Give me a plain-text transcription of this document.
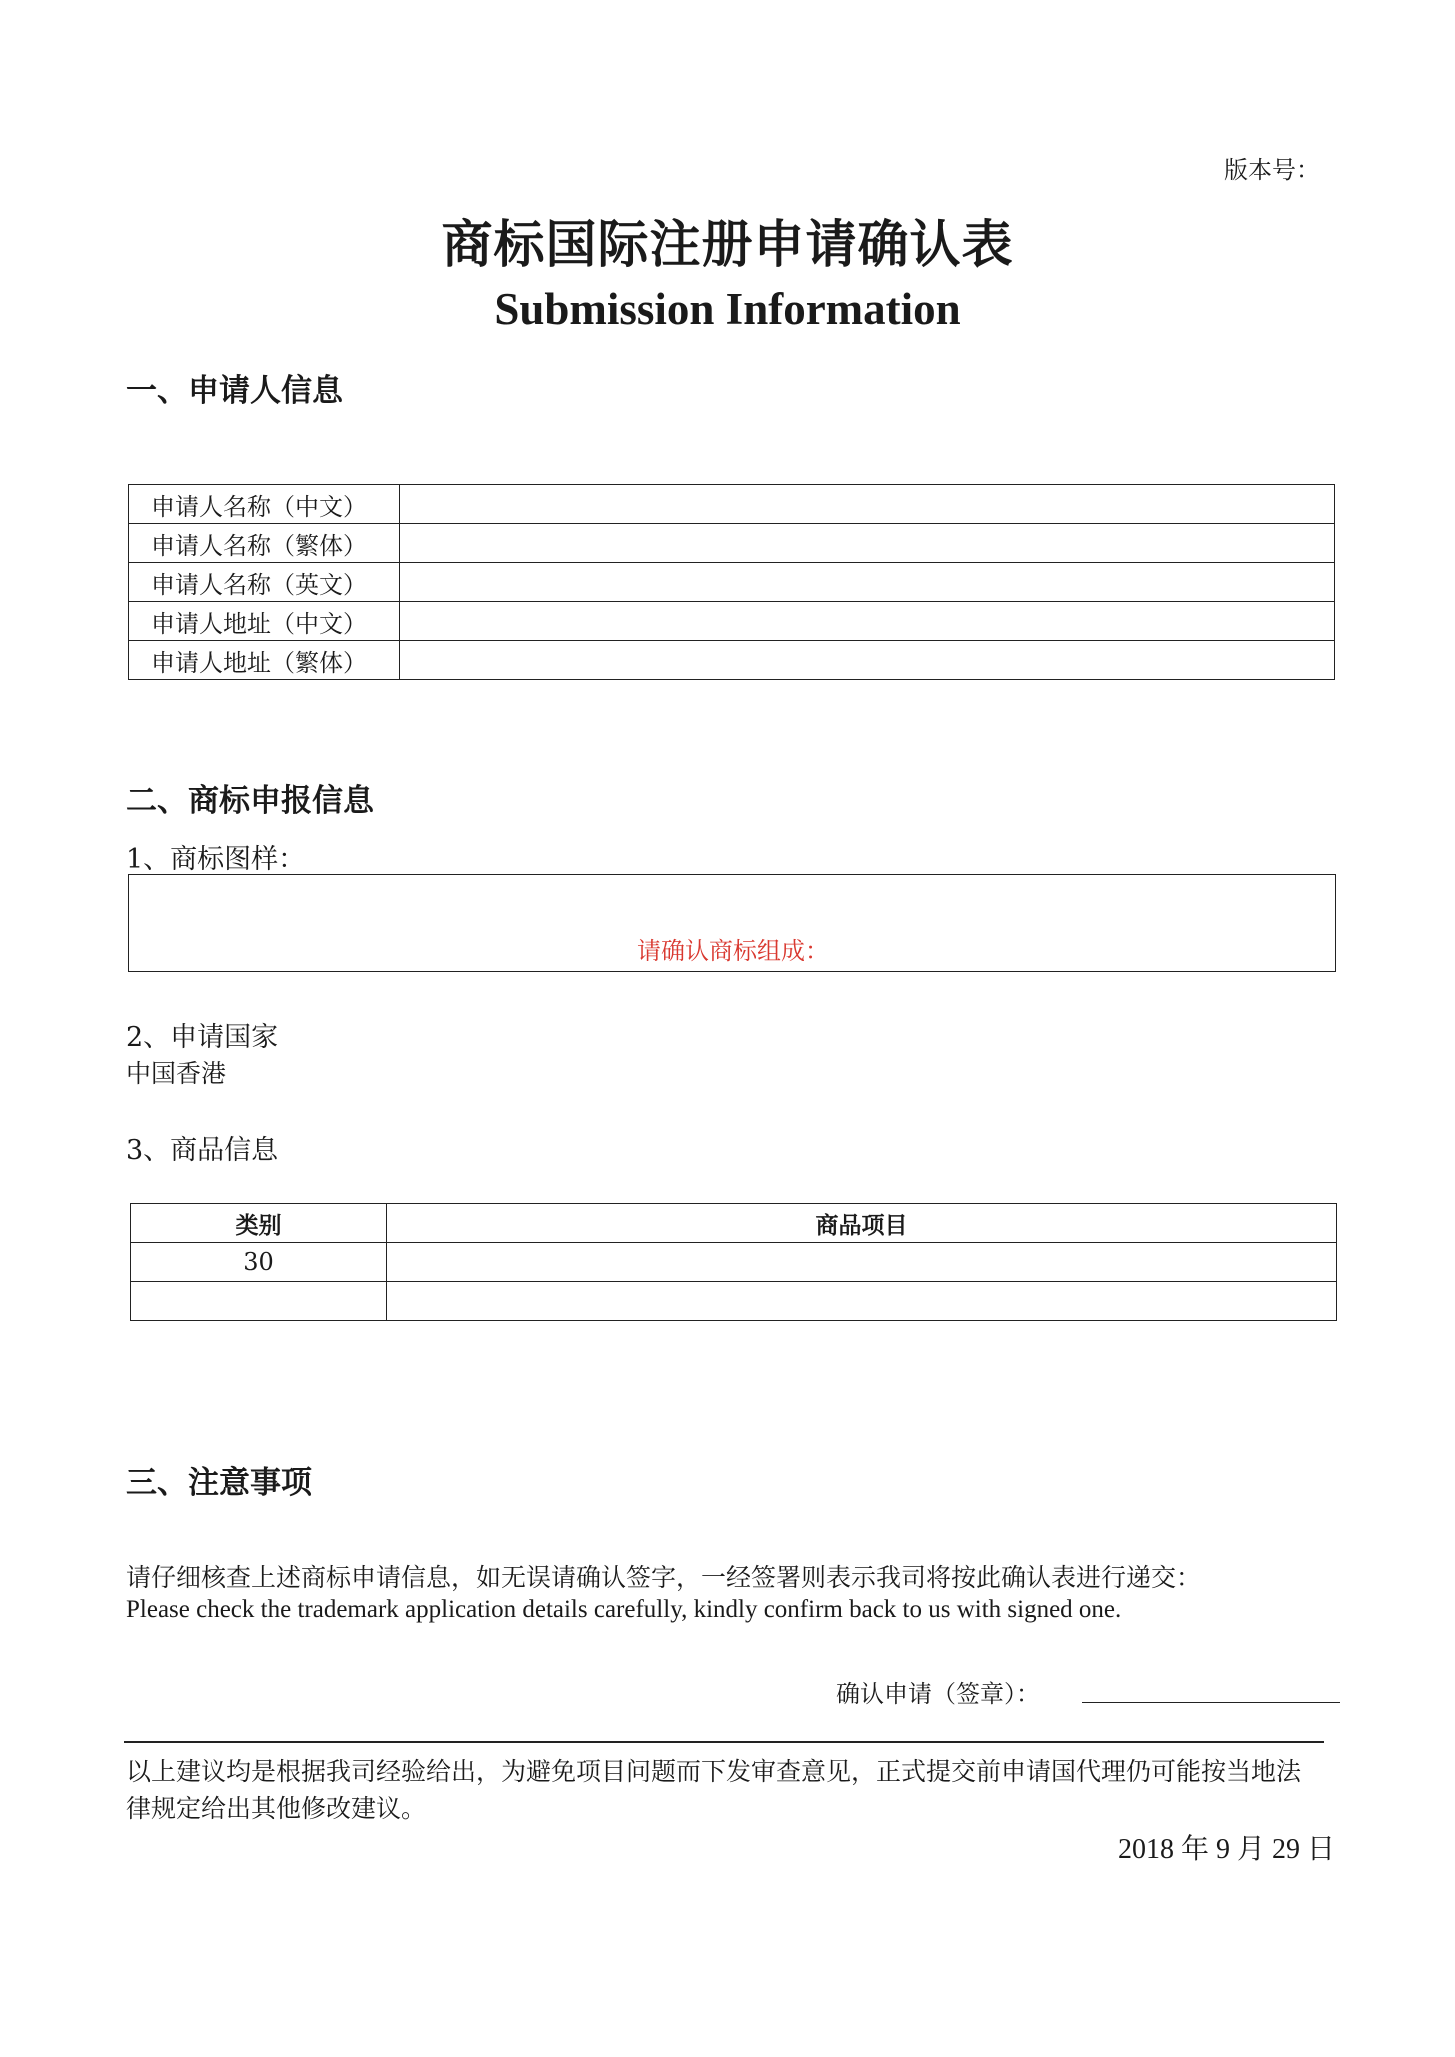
版本号：
商标国际注册申请确认表
Submission Information
一、申请人信息
申请人名称（中文）	
申请人名称（繁体）	
申请人名称（英文）	
申请人地址（中文）	
申请人地址（繁体）	
二、商标申报信息
1、商标图样：
请确认商标组成：
2、申请国家
中国香港
3、商品信息
类别	商品项目
30	

三、注意事项
请仔细核查上述商标申请信息，如无误请确认签字，一经签署则表示我司将按此确认表进行递交：
Please check the trademark application details carefully, kindly confirm back to us with signed one.
确认申请（签章）：
以上建议均是根据我司经验给出，为避免项目问题而下发审查意见，正式提交前申请国代理仍可能按当地法
律规定给出其他修改建议。
2018 年 9 月 29 日
